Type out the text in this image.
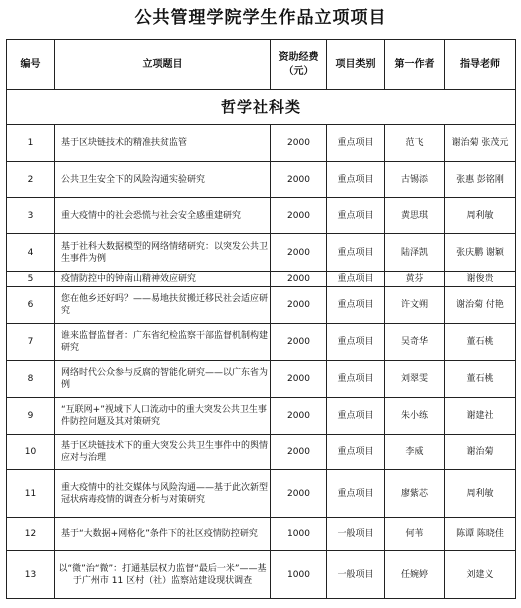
公共管理学院学生作品立项项目
编号	立项题目	资助经费（元）	项目类别	第一作者	指导老师
哲学社科类					
1	基于区块链技术的精准扶贫监管	2000	重点项目	范飞	谢治菊 张茂元
2	公共卫生安全下的风险沟通实验研究	2000	重点项目	古锡添	张惠 彭铭刚
3	重大疫情中的社会恐慌与社会安全感重建研究	2000	重点项目	黄思琪	周利敏
4	基于社科大数据模型的网络情绪研究：以突发公共卫生事件为例	2000	重点项目	陆泽凯	张庆鹏 谢颖
5	疫情防控中的钟南山精神效应研究	2000	重点项目	黄芬	谢俊贵
6	您在他乡还好吗？——易地扶贫搬迁移民社会适应研究	2000	重点项目	许文朔	谢治菊 付艳
7	谁来监督监督者：广东省纪检监察干部监督机制构建研究	2000	重点项目	吴奇华	董石桃
8	网络时代公众参与反腐的智能化研究——以广东省为例	2000	重点项目	刘翠雯	董石桃
9	“互联网+”视域下人口流动中的重大突发公共卫生事件防控问题及其对策研究	2000	重点项目	朱小练	谢建社
10	基于区块链技术下的重大突发公共卫生事件中的舆情应对与治理	2000	重点项目	李威	谢治菊
11	重大疫情中的社交媒体与风险沟通——基于此次新型冠状病毒疫情的调查分析与对策研究	2000	重点项目	廖紫芯	周利敏
12	基于“大数据+网格化”条件下的社区疫情防控研究	1000	一般项目	何苇	陈谭 陈晓佳
13	以“微”治“微”：打通基层权力监督“最后一米”——基于广州市 11 区村（社）监察站建设现状调查	1000	一般项目	任婉婷	刘建义
